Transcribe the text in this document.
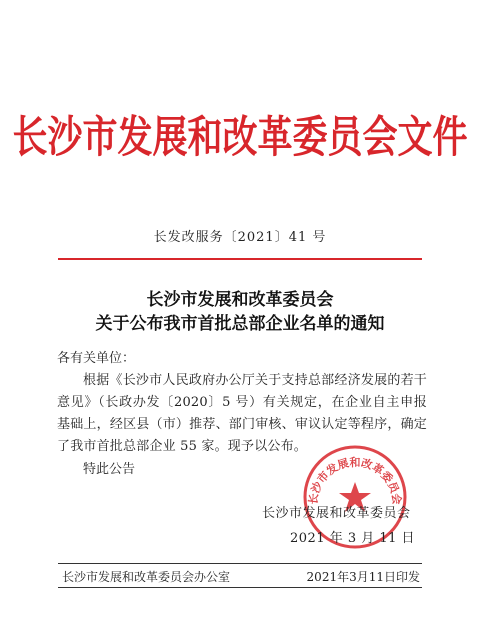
长沙市发展和改革委员会文件
长发改服务〔2021〕41 号
长沙市发展和改革委员会
关于公布我市首批总部企业名单的通知
各有关单位：
根据《长沙市人民政府办公厅关于支持总部经济发展的若干意见》（长政办发〔2020〕5 号）有关规定，在企业自主申报基础上，经区县（市）推荐、部门审核、审议认定等程序，确定了我市首批总部企业 55 家。现予以公布。
特此公告
长沙市发展和改革委员会
长沙市发展和改革委员会
2021 年 3 月 11 日
长沙市发展和改革委员会办公室	2021年3月11日印发
